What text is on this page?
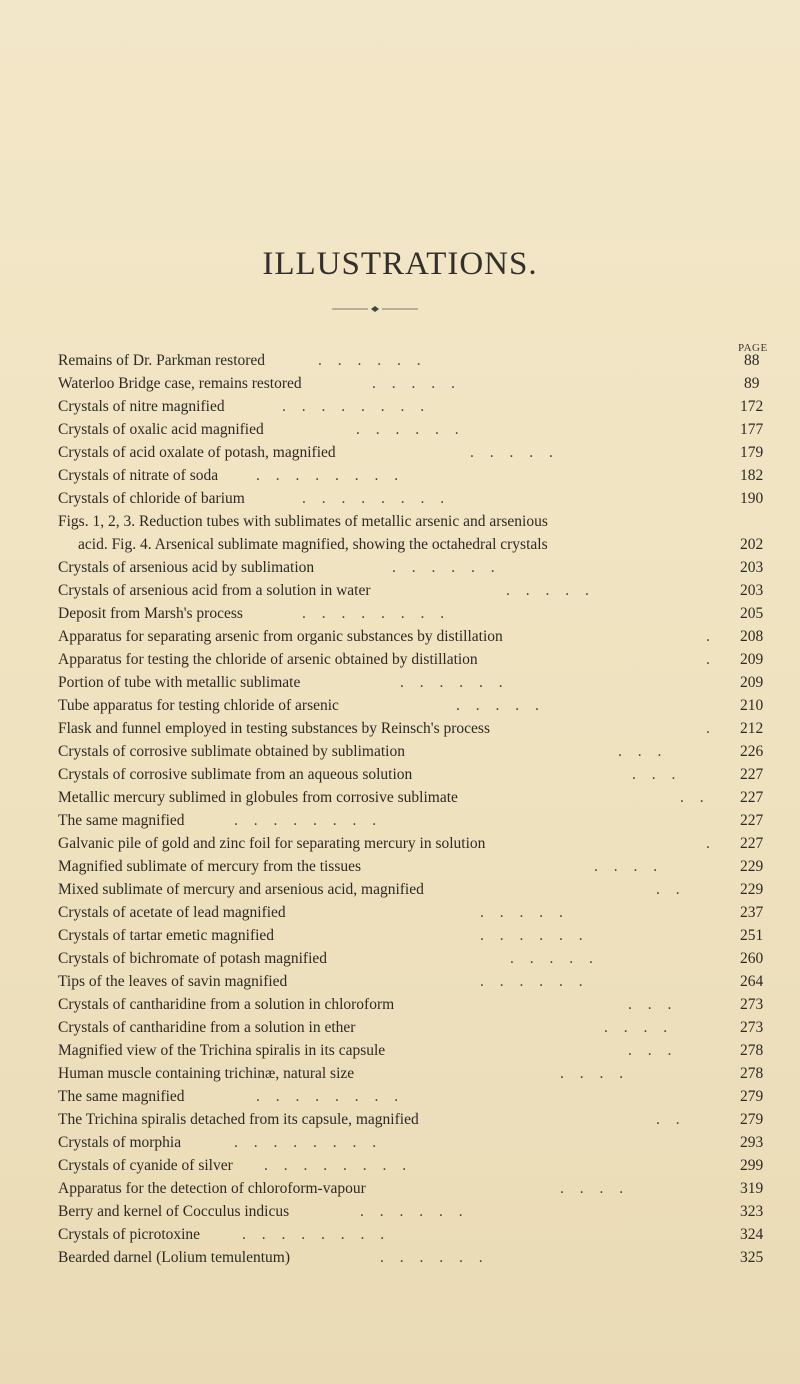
ILLUSTRATIONS.
PAGE
Remains of Dr. Parkman restored	. . . . . .	88
Waterloo Bridge case, remains restored	. . . . .	89
Crystals of nitre magnified	. . . . . . . .	172
Crystals of oxalic acid magnified	. . . . . .	177
Crystals of acid oxalate of potash, magnified	. . . . .	179
Crystals of nitrate of soda . . . . . . . .	182
Crystals of chloride of barium	. . . . . . . .	190
Figs. 1, 2, 3. Reduction tubes with sublimates of metallic arsenic and arsenious
acid. Fig. 4. Arsenical sublimate magnified, showing the octahedral crystals	202
Crystals of arsenious acid by sublimation	. . . . . .	203
Crystals of arsenious acid from a solution in water	. . . . .	203
Deposit from Marsh's process	. . . . . . . .	205
Apparatus for separating arsenic from organic substances by distillation	. 208
Apparatus for testing the chloride of arsenic obtained by distillation	. 209
Portion of tube with metallic sublimate	. . . . . .	209
Tube apparatus for testing chloride of arsenic	. . . . .	210
Flask and funnel employed in testing substances by Reinsch's process	. 212
Crystals of corrosive sublimate obtained by sublimation	. . .	226
Crystals of corrosive sublimate from an aqueous solution	. . .	227
Metallic mercury sublimed in globules from corrosive sublimate	. . 227
The same magnified	. . . . . . . .	227
Galvanic pile of gold and zinc foil for separating mercury in solution	. 227
Magnified sublimate of mercury from the tissues	. . . .	229
Mixed sublimate of mercury and arsenious acid, magnified	. .	229
Crystals of acetate of lead magnified	. . . . .	237
Crystals of tartar emetic magnified	. . . . . .	251
Crystals of bichromate of potash magnified	. . . . .	260
Tips of the leaves of savin magnified	. . . . . .	264
Crystals of cantharidine from a solution in chloroform	. . .	273
Crystals of cantharidine from a solution in ether	. . . .	273
Magnified view of the Trichina spiralis in its capsule	. . .	278
Human muscle containing trichinæ, natural size	. . . .	278
The same magnified	. . . . . . . .	279
The Trichina spiralis detached from its capsule, magnified	. .	279
Crystals of morphia	. . . . . . . .	293
Crystals of cyanide of silver . . . . . . . .	299
Apparatus for the detection of chloroform-vapour	. . . .	319
Berry and kernel of Cocculus indicus	. . . . . .	323
Crystals of picrotoxine	. . . . . . . .	324
Bearded darnel (Lolium temulentum)	. . . . . .	325
